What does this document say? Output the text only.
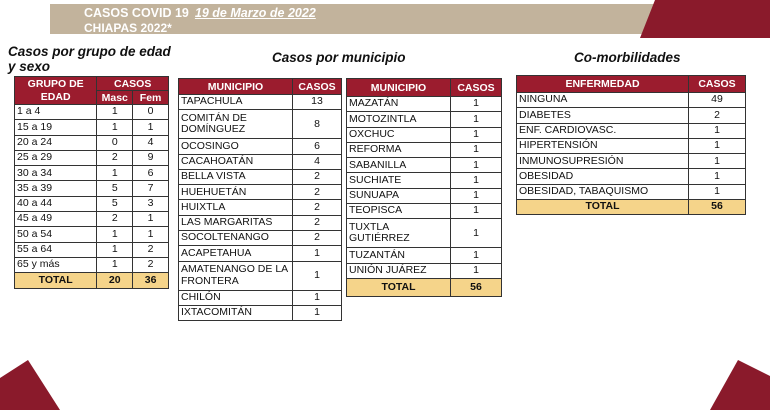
CASOS COVID 19 19 de Marzo de 2022
CHIAPAS 2022*
Casos por grupo de edad y sexo
Casos por municipio	Co-morbilidades
GRUPO DE EDAD	CASOS	
	Masc	Fem
1 a 4	1	0
15 a 19	1	1
20 a 24	0	4
25 a 29	2	9
30 a 34	1	6
35 a 39	5	7
40 a 44	5	3
45 a 49	2	1
50 a 54	1	1
55 a 64	1	2
65 y más	1	2
TOTAL	20	36
MUNICIPIO	CASOS
TAPACHULA	13
COMITÁN DE DOMÍNGUEZ	8
OCOSINGO	6
CACAHOATÁN	4
BELLA VISTA	2
HUEHUETÁN	2
HUIXTLA	2
LAS MARGARITAS	2
SOCOLTENANGO	2
ACAPETAHUA	1
AMATENANGO DE LA FRONTERA	1
CHILÓN	1
IXTACOMITÁN	1
MUNICIPIO	CASOS
MAZATÁN	1
MOTOZINTLA	1
OXCHUC	1
REFORMA	1
SABANILLA	1
SUCHIATE	1
SUNUAPA	1
TEOPISCA	1
TUXTLA GUTIÉRREZ	1
TUZANTÁN	1
UNIÓN JUÁREZ	1
TOTAL	56
ENFERMEDAD	CASOS
NINGUNA	49
DIABETES	2
ENF. CARDIOVASC.	1
HIPERTENSIÓN	1
INMUNOSUPRESIÓN	1
OBESIDAD	1
OBESIDAD, TABAQUISMO	1
TOTAL	56
